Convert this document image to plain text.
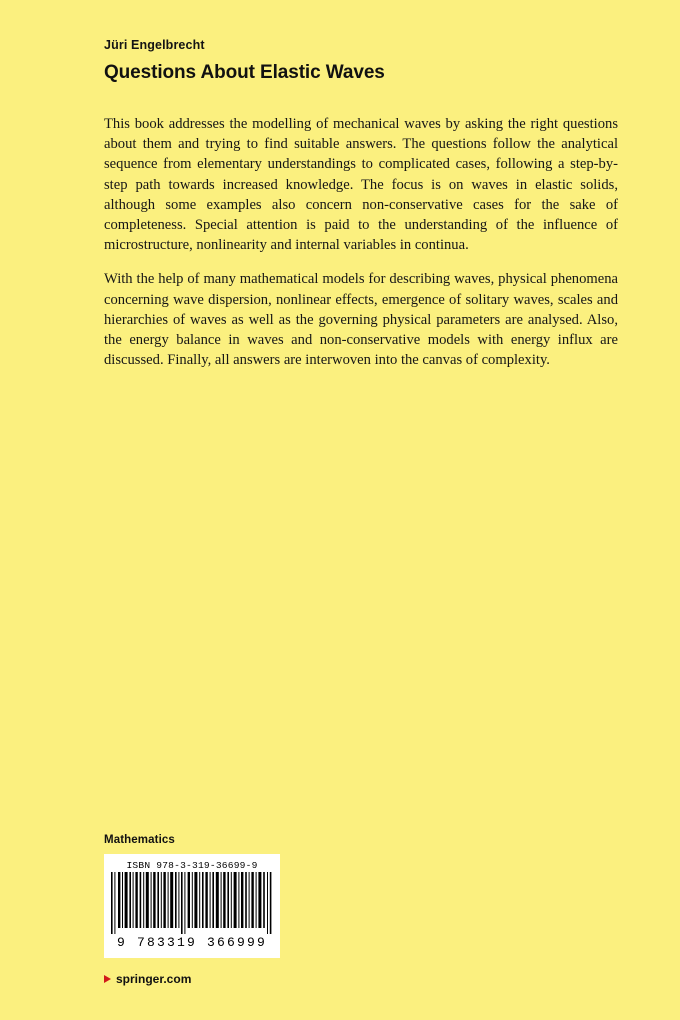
Jüri Engelbrecht

Questions About Elastic Waves

This book addresses the modelling of mechanical waves by asking the right questions about them and trying to find suitable answers. The questions follow the analytical sequence from elementary understandings to complicated cases, following a step-by-step path towards increased knowledge. The focus is on waves in elastic solids, although some examples also concern non-conservative cases for the sake of completeness. Special attention is paid to the understanding of the influence of microstructure, nonlinearity and internal variables in continua.

With the help of many mathematical models for describing waves, physical phenomena concerning wave dispersion, nonlinear effects, emergence of solitary waves, scales and hierarchies of waves as well as the governing physical parameters are analysed. Also, the energy balance in waves and non-conservative models with energy influx are discussed. Finally, all answers are interwoven into the canvas of complexity.

Mathematics

ISBN 978-3-319-36699-9

9 783319 366999

springer.com
